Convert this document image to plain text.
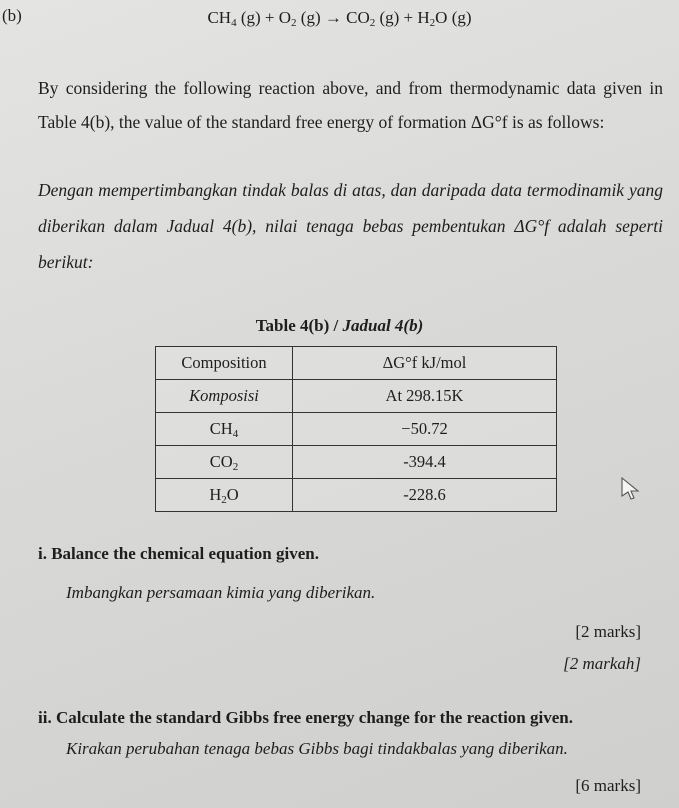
(b)	$CH_4$ $(g) + O_2$ $(g) \to CO_2$ $(g) + H_2O$ (g)
By considering the following reaction above, and from thermodynamic data given in Table 4(b), the value of the standard free energy of formation ΔG°f is as follows:
Dengan mempertimbangkan tindak balas di atas, dan daripada data termodinamik yang diberikan dalam Jadual 4(b), nilai tenaga bebas pembentukan ΔG°f adalah seperti berikut:
Table 4(b) / Jadual 4(b)
Composition	ΔG°f kJ/mol
Komposisi	At 298.15K
$CH_4$	−50.72
$CO_2$	-394.4
$H_2O$	-228.6
i. Balance the chemical equation given.
Imbangkan persamaan kimia yang diberikan.
[2 marks]
[2 markah]
ii. Calculate the standard Gibbs free energy change for the reaction given.
Kirakan perubahan tenaga bebas Gibbs bagi tindakbalas yang diberikan.
[6 marks]
